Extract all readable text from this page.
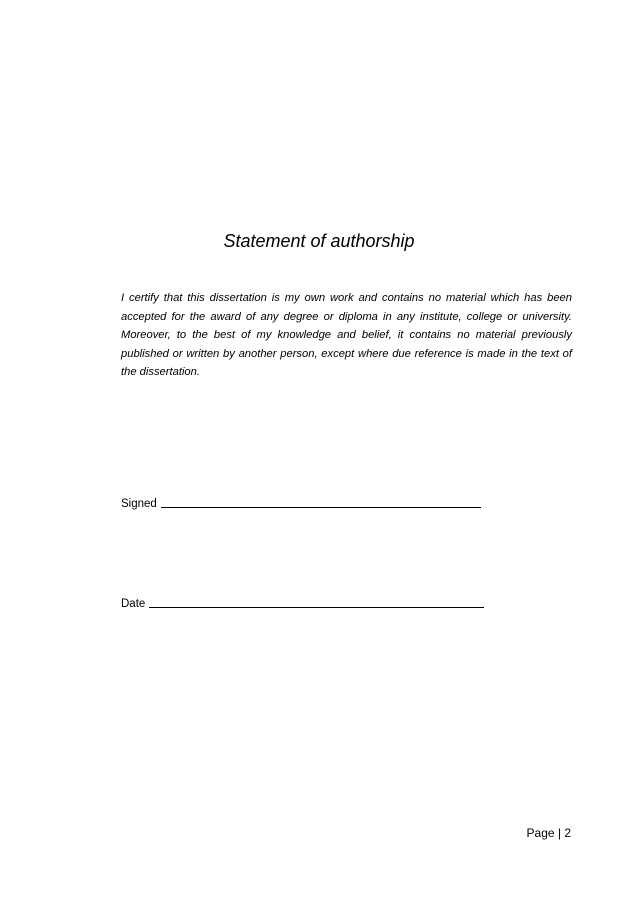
Statement of authorship
I certify that this dissertation is my own work and contains no material which has been accepted for the award of any degree or diploma in any institute, college or university. Moreover, to the best of my knowledge and belief, it contains no material previously published or written by another person, except where due reference is made in the text of the dissertation.
Signed
Date
Page | 2
